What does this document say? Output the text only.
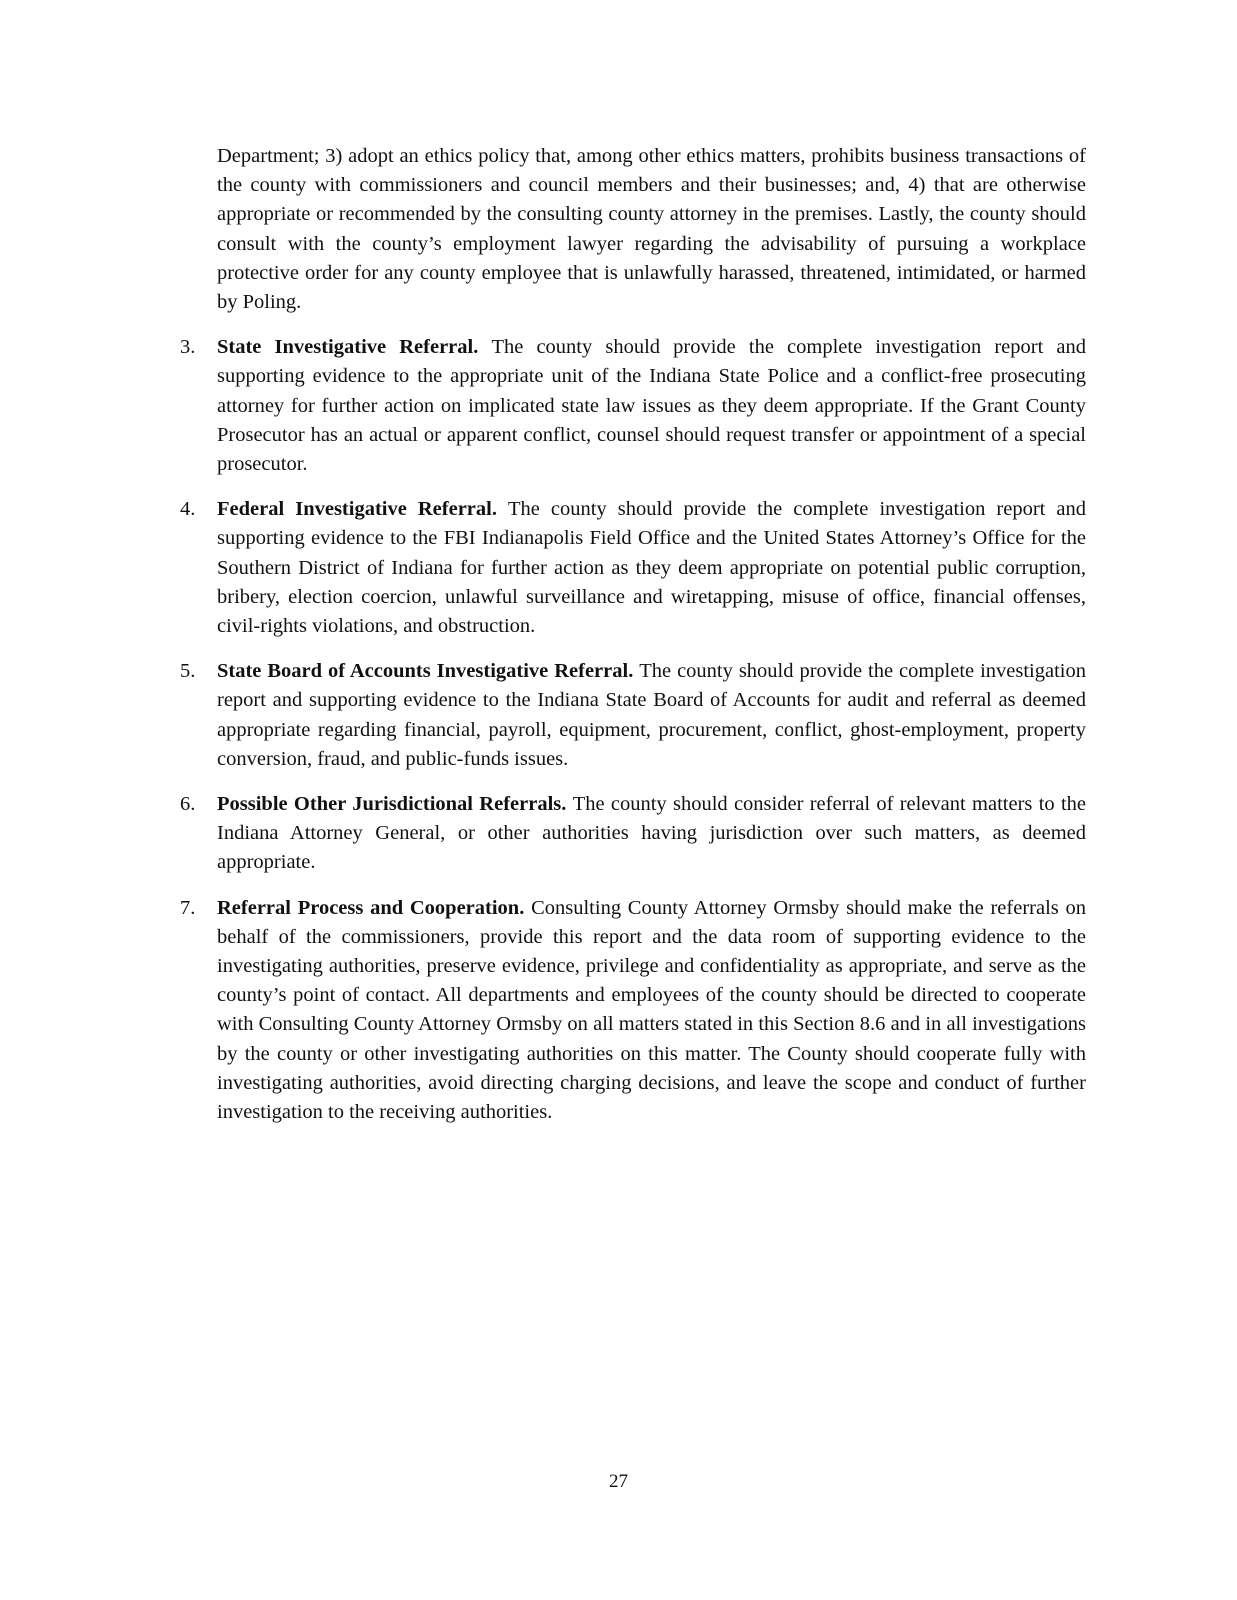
Department; 3) adopt an ethics policy that, among other ethics matters, prohibits business transactions of the county with commissioners and council members and their businesses; and, 4) that are otherwise appropriate or recommended by the consulting county attorney in the premises. Lastly, the county should consult with the county’s employment lawyer regarding the advisability of pursuing a workplace protective order for any county employee that is unlawfully harassed, threatened, intimidated, or harmed by Poling.

3. State Investigative Referral. The county should provide the complete investigation report and supporting evidence to the appropriate unit of the Indiana State Police and a conflict-free prosecuting attorney for further action on implicated state law issues as they deem appropriate. If the Grant County Prosecutor has an actual or apparent conflict, counsel should request transfer or appointment of a special prosecutor.
4. Federal Investigative Referral. The county should provide the complete investigation report and supporting evidence to the FBI Indianapolis Field Office and the United States Attorney’s Office for the Southern District of Indiana for further action as they deem appropriate on potential public corruption, bribery, election coercion, unlawful surveillance and wiretapping, misuse of office, financial offenses, civil-rights violations, and obstruction.
5. State Board of Accounts Investigative Referral. The county should provide the complete investigation report and supporting evidence to the Indiana State Board of Accounts for audit and referral as deemed appropriate regarding financial, payroll, equipment, procurement, conflict, ghost-employment, property conversion, fraud, and public-funds issues.
6. Possible Other Jurisdictional Referrals. The county should consider referral of relevant matters to the Indiana Attorney General, or other authorities having jurisdiction over such matters, as deemed appropriate.
7. Referral Process and Cooperation. Consulting County Attorney Ormsby should make the referrals on behalf of the commissioners, provide this report and the data room of supporting evidence to the investigating authorities, preserve evidence, privilege and confidentiality as appropriate, and serve as the county’s point of contact. All departments and employees of the county should be directed to cooperate with Consulting County Attorney Ormsby on all matters stated in this Section 8.6 and in all investigations by the county or other investigating authorities on this matter. The County should cooperate fully with investigating authorities, avoid directing charging decisions, and leave the scope and conduct of further investigation to the receiving authorities.
27
